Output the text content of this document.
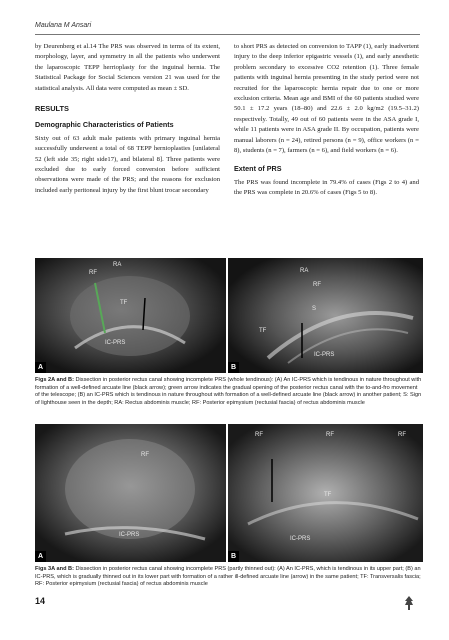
Maulana M Ansari

by Deurenberg et al.14 The PRS was observed in terms of its extent, morphology, layer, and symmetry in all the patients who underwent the laparoscopic TEPP herrioplasty for the inguinal hernia. The Statistical Package for Social Sciences version 21 was used for the statistical analysis. All data were computed as mean ± SD.

RESULTS
Demographic Characteristics of Patients

Sixty out of 63 adult male patients with primary inguinal hernia successfully underwent a total of 68 TEPP hernioplasties [unilateral 52 (left side 35; right side17), and bilateral 8]. Three patients were excluded due to early forced conversion before sufficient observations were made of the PRS; and the reasons for exclusion included early peritoneal injury by the first blunt trocar secondary

to short PRS as detected on conversion to TAPP (1), early inadvertent injury to the deep inferior epigastric vessels (1), and early anesthetic problem secondary to excessive CO2 retention (1). Three female patients with inguinal hernia presenting in the study period were not recruited for the laparoscopic hernia repair due to one or more exclusion criteria. Mean age and BMI of the 60 patients studied were 50.1 ± 17.2 years (18–80) and 22.6 ± 2.0 kg/m2 (19.5–31.2) respectively. Totally, 49 out of 60 patients were in the ASA grade I, while 11 patients were in ASA grade II. By occupation, patients were manual laborers (n = 24), retired persons (n = 9), office workers (n = 8), students (n = 7), farmers (n = 6), and field workers (n = 6).

Extent of PRS

The PRS was found incomplete in 79.4% of cases (Figs 2 to 4) and the PRS was complete in 20.6% of cases (Figs 5 to 8).

RA
RF
TF
IC-PRS
A
RA
RF
S
TF
IC-PRS
B
Figs 2A and B: Dissection in posterior rectus canal showing incomplete PRS (whole tendinous): (A) An IC-PRS which is tendinous in nature throughout with formation of a well-defined arcuate line (black arrow); green arrow indicates the gradual opening of the posterior rectus canal with the to-and-fro movement of the telescope; (B) an IC-PRS which is tendinous in nature throughout with formation of a well-defined arcuate line (black arrow) in another patient; S: Sign of lighthouse seen in the depth; RA: Rectus abdominis muscle; RF: Posterior epimysium (rectusial fascia) of rectus abdominis muscle
RF
IC-PRS
A
RF	RF	RF
TF
IC-PRS
B
Figs 3A and B: Dissection in posterior rectus canal showing incomplete PRS (partly thinned out): (A) An IC-PRS, which is tendinous in its upper part; (B) an IC-PRS, which is gradually thinned out in its lower part with formation of a rather ill-defined arcuate line (arrow) in the same patient; TF: Transversalis fascia; RF: Posterior epimysium (rectusial fascia) of rectus abdominis muscle
14
